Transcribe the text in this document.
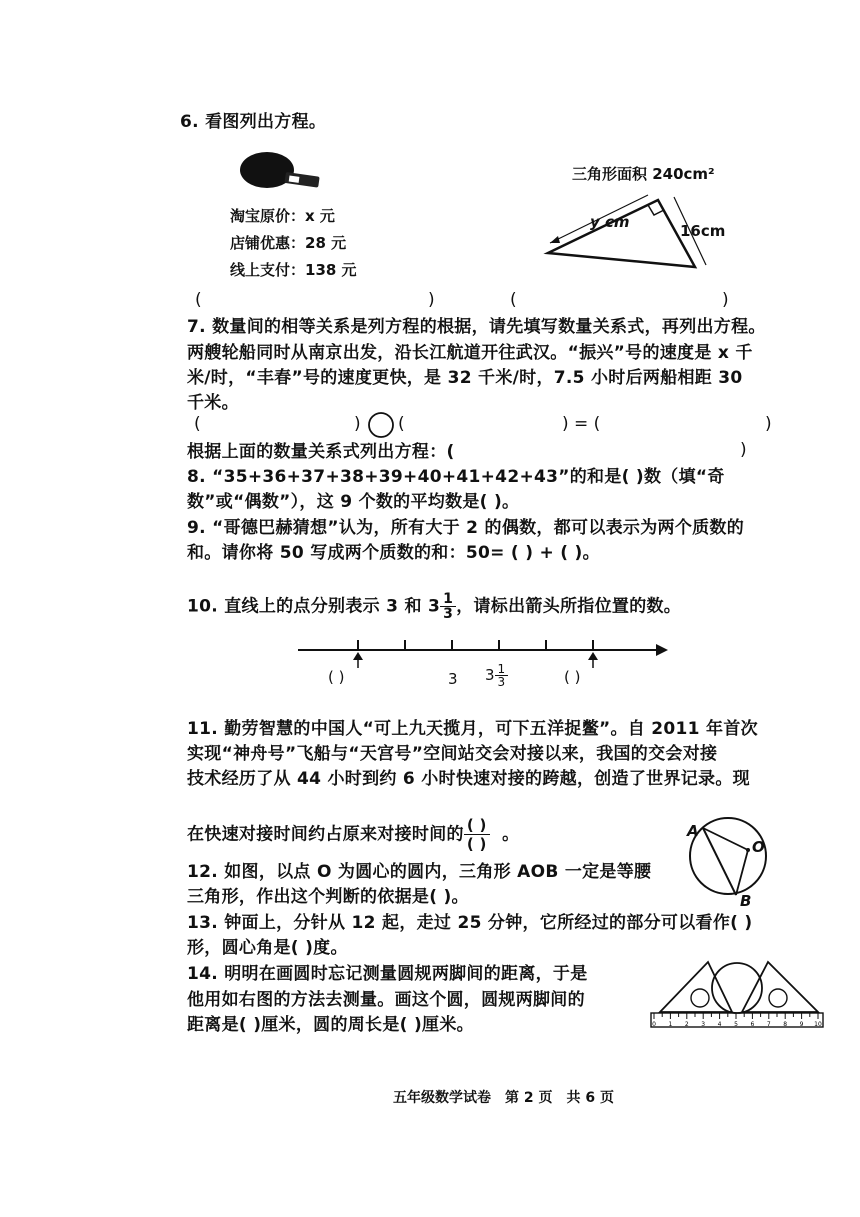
6. 看图列出方程。
淘宝原价：x 元
店铺优惠：28 元
线上支付：138 元
三角形面积 240cm²
y cm	16cm
(	)	(	)
7. 数量间的相等关系是列方程的根据，请先填写数量关系式，再列出方程。
两艘轮船同时从南京出发，沿长江航道开往武汉。“振兴”号的速度是 x 千
米/时，“丰春”号的速度更快，是 32 千米/时，7.5 小时后两船相距 30
千米。
(	) (	) = (	)
根据上面的数量关系式列出方程：(	)
8. “35+36+37+38+39+40+41+42+43”的和是( )数（填“奇
数”或“偶数”），这 9 个数的平均数是( )。
9. “哥德巴赫猜想”认为，所有大于 2 的偶数，都可以表示为两个质数的
和。请你将 50 写成两个质数的和：50= ( ) + ( )。
10. 直线上的点分别表示 3 和 $3 \frac{1}{3}$ ，请标出箭头所指位置的数。
( )	3 $3 \frac{1}{3}$	( )
11. 勤劳智慧的中国人“可上九天揽月，可下五洋捉鳖”。自 2011 年首次
实现“神舟号”飞船与“天宫号”空间站交会对接以来，我国的交会对接
技术经历了从 44 小时到约 6 小时快速对接的跨越，创造了世界记录。现
在快速对接时间约占原来对接时间的 $\frac{( )}{( )}$ 。	A
O
B
12. 如图，以点 O 为圆心的圆内，三角形 AOB 一定是等腰
三角形，作出这个判断的依据是( )。
13. 钟面上，分针从 12 起，走过 25 分钟，它所经过的部分可以看作( )
形，圆心角是( )度。
14. 明明在画圆时忘记测量圆规两脚间的距离，于是
他用如右图的方法去测量。画这个圆，圆规两脚间的
距离是( )厘米，圆的周长是( )厘米。	0 1 2 3 4 5 6 7 8 9 10
五年级数学试卷　第 2 页　共 6 页
